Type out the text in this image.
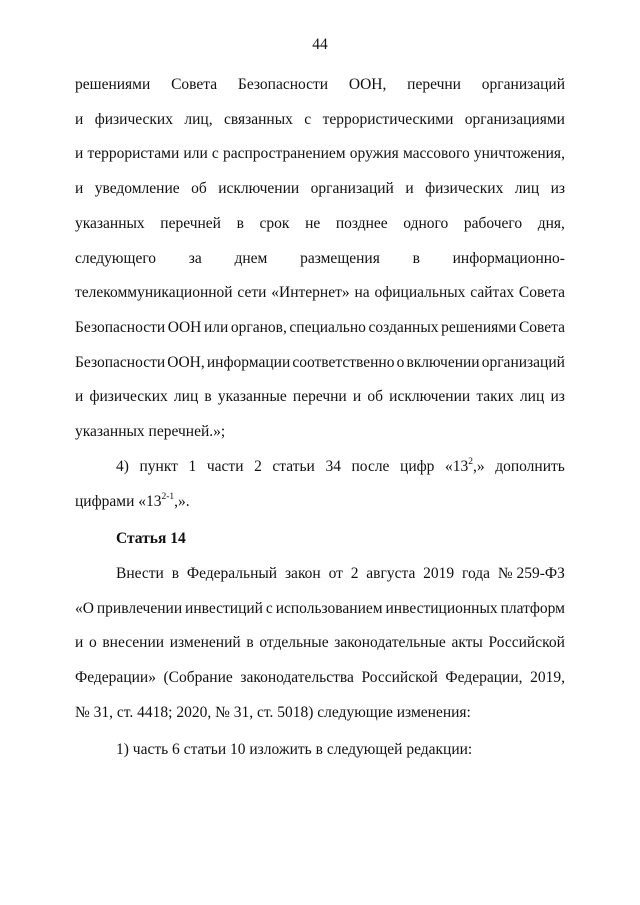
44
решениями Совета Безопасности ООН, перечни организаций
и физических лиц, связанных с террористическими организациями
и террористами или с распространением оружия массового уничтожения,
и уведомление об исключении организаций и физических лиц из
указанных перечней в срок не позднее одного рабочего дня,
следующего за днем размещения в информационно-
телекоммуникационной сети «Интернет» на официальных сайтах Совета
Безопасности ООН или органов, специально созданных решениями Совета
Безопасности ООН, информации соответственно о включении организаций
и физических лиц в указанные перечни и об исключении таких лиц из
указанных перечней.»;
4) пункт 1 части 2 статьи 34 после цифр «$13^2$,» дополнить
цифрами «13$^{2-1}$,».
Статья 14
Внести в Федеральный закон от 2 августа 2019 года № 259-ФЗ
«О привлечении инвестиций с использованием инвестиционных платформ
и о внесении изменений в отдельные законодательные акты Российской
Федерации» (Собрание законодательства Российской Федерации, 2019,
№ 31, ст. 4418; 2020, № 31, ст. 5018) следующие изменения:
1) часть 6 статьи 10 изложить в следующей редакции:
